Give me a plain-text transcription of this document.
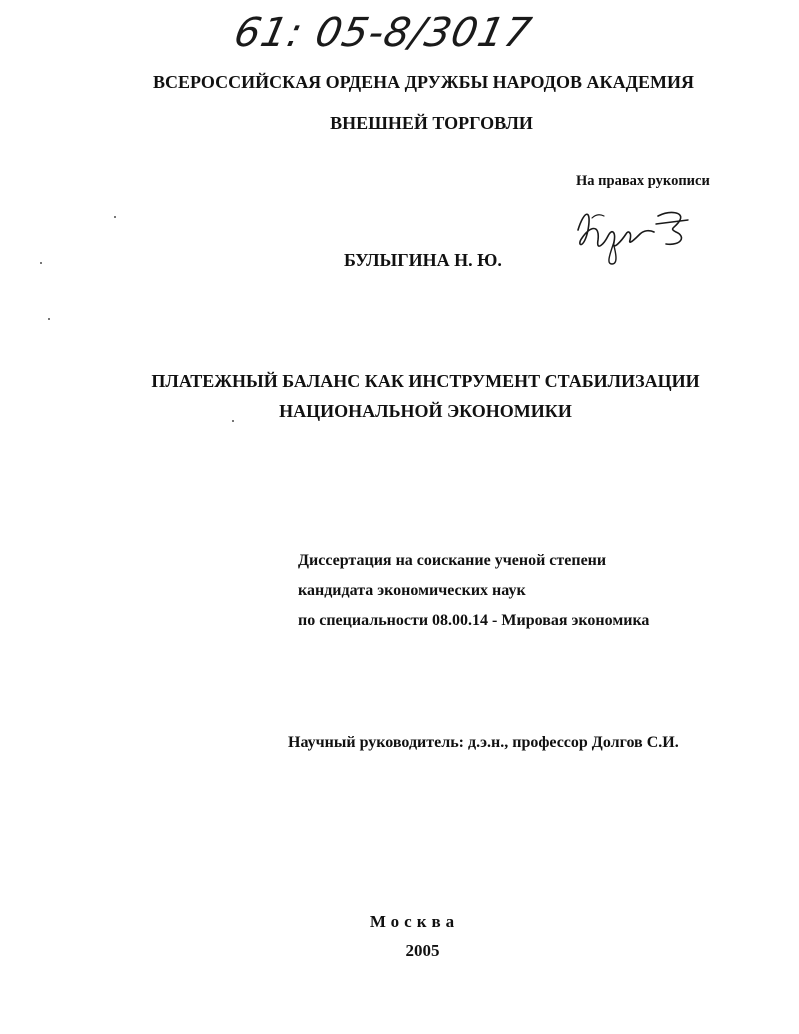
61: 05-8/3017
ВСЕРОССИЙСКАЯ ОРДЕНА ДРУЖБЫ НАРОДОВ АКАДЕМИЯ
ВНЕШНЕЙ ТОРГОВЛИ
На правах рукописи
БУЛЫГИНА Н. Ю.
ПЛАТЕЖНЫЙ БАЛАНС КАК ИНСТРУМЕНТ СТАБИЛИЗАЦИИ
НАЦИОНАЛЬНОЙ ЭКОНОМИКИ
Диссертация на соискание ученой степени
кандидата экономических наук
по специальности 08.00.14 - Мировая экономика
Научный руководитель: д.э.н., профессор Долгов С.И.
Москва
2005
